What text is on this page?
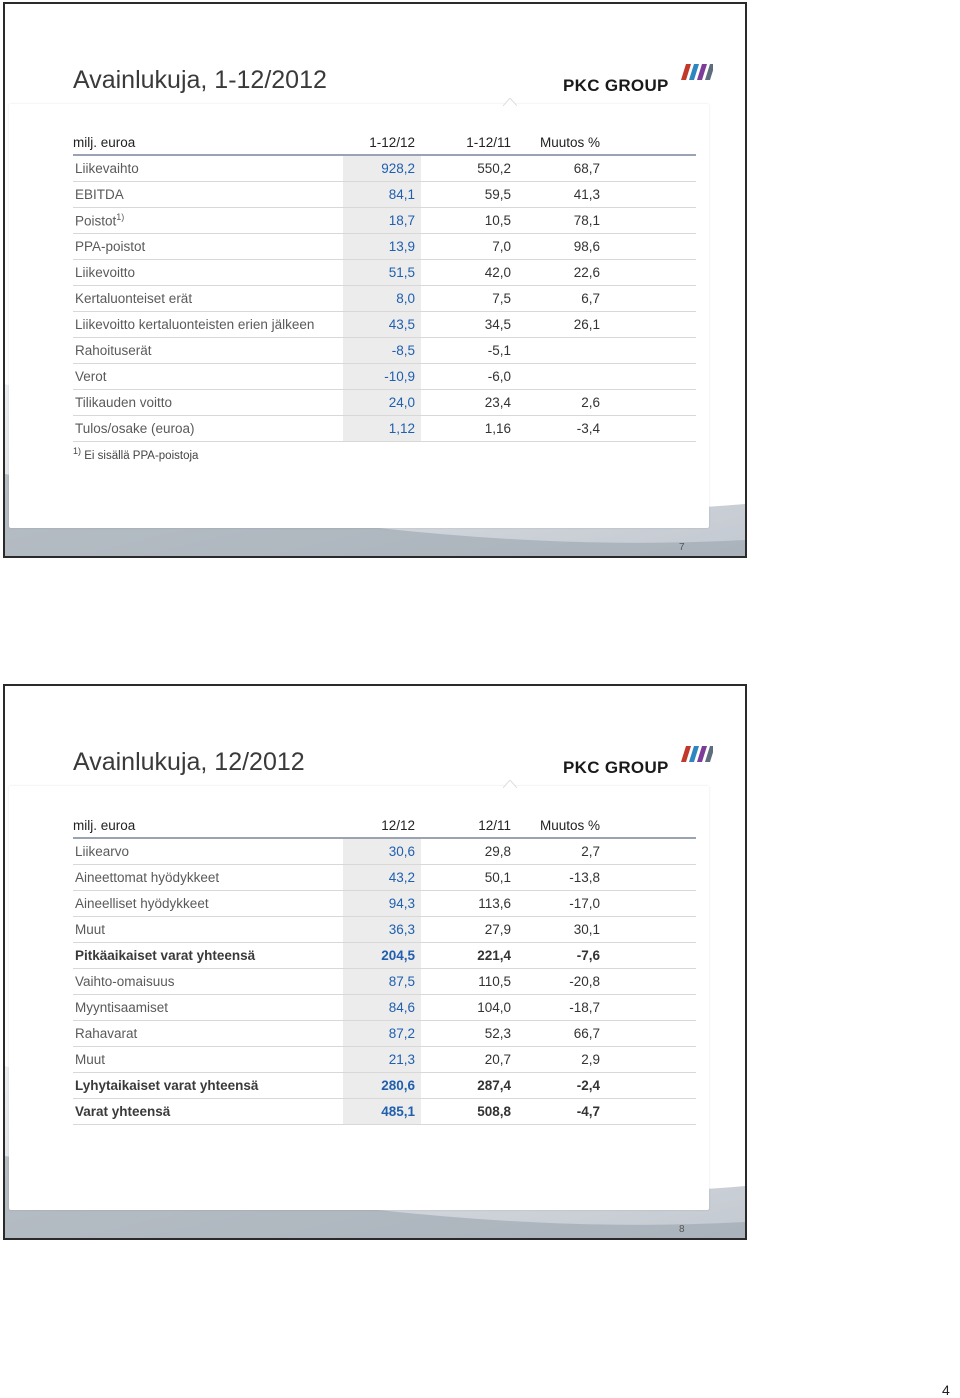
Avainlukuja, 1-12/2012	PKC GROUP
milj. euroa	1-12/12	1-12/11	Muutos %	
Liikevaihto	928,2	550,2	68,7	
EBITDA	84,1	59,5	41,3	
Poistot$^{1)}$	18,7	10,5	78,1	
PPA-poistot	13,9	7,0	98,6	
Liikevoitto	51,5	42,0	22,6	
Kertaluonteiset erät	8,0	7,5	6,7	
Liikevoitto kertaluonteisten erien jälkeen	43,5	34,5	26,1	
Rahoituserät	-8,5	-5,1		
Verot	-10,9	-6,0		
Tilikauden voitto	24,0	23,4	2,6	
Tulos/osake (euroa)	1,12	1,16	-3,4	
$^{1)}$ Ei sisällä PPA-poistoja
7
Avainlukuja, 12/2012	PKC GROUP
milj. euroa	12/12	12/11	Muutos %	
Liikearvo	30,6	29,8	2,7	
Aineettomat hyödykkeet	43,2	50,1	-13,8	
Aineelliset hyödykkeet	94,3	113,6	-17,0	
Muut	36,3	27,9	30,1	
Pitkäaikaiset varat yhteensä	204,5	221,4	-7,6	
Vaihto-omaisuus	87,5	110,5	-20,8	
Myyntisaamiset	84,6	104,0	-18,7	
Rahavarat	87,2	52,3	66,7	
Muut	21,3	20,7	2,9	
Lyhytaikaiset varat yhteensä	280,6	287,4	-2,4	
Varat yhteensä	485,1	508,8	-4,7	
8
4
